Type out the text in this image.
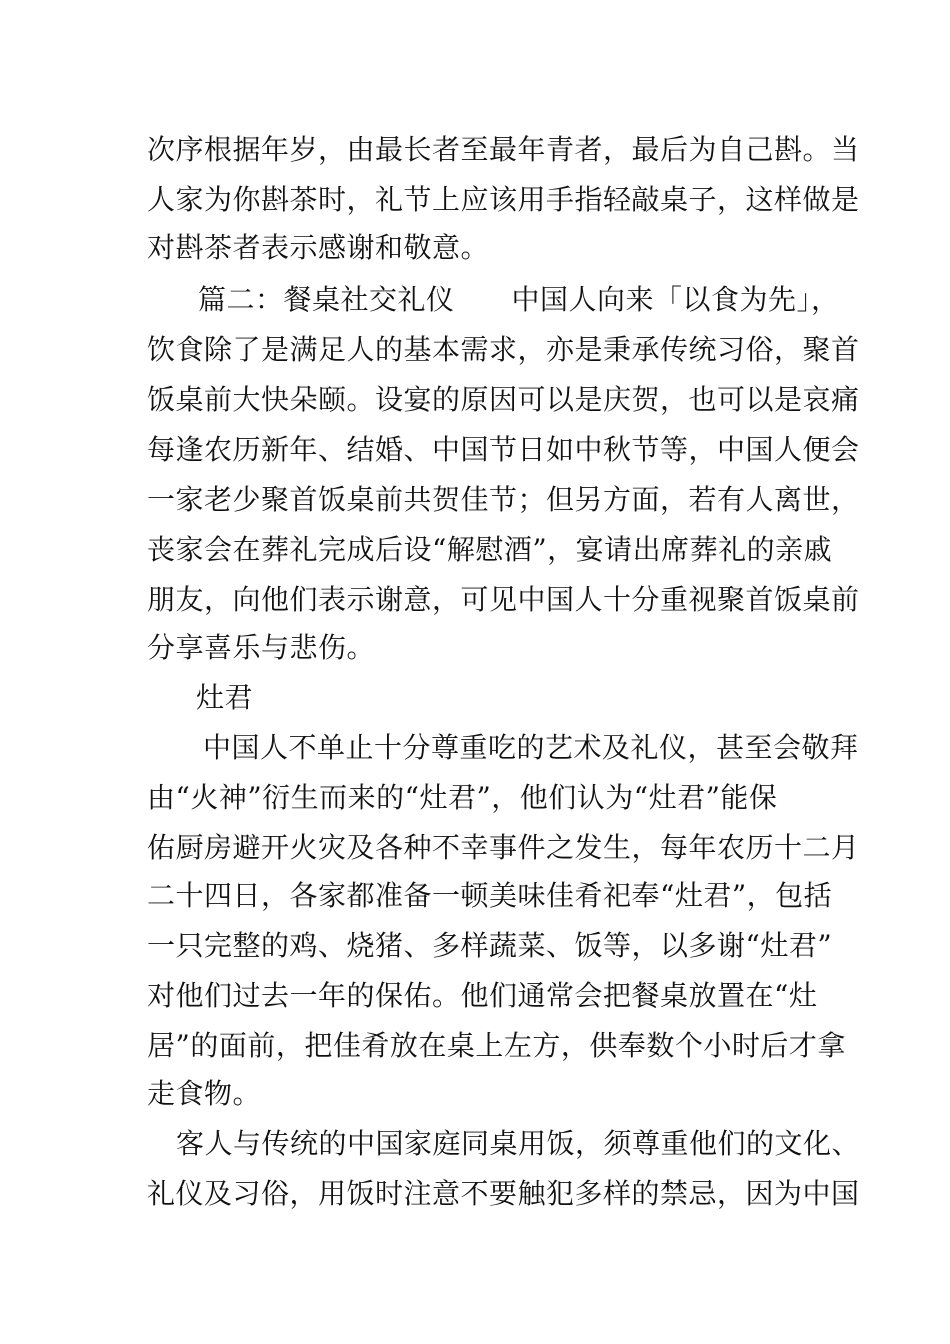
次序根据年岁，由最长者至最年青者，最后为自己斟。当
人家为你斟茶时，礼节上应该用手指轻敲桌子，这样做是
对斟茶者表示感谢和敬意。
篇二：餐桌社交礼仪　　中国人向来「以食为先」，
饮食除了是满足人的基本需求，亦是秉承传统习俗，聚首
饭桌前大快朵颐。设宴的原因可以是庆贺，也可以是哀痛
每逢农历新年、结婚、中国节日如中秋节等，中国人便会
一家老少聚首饭桌前共贺佳节；但另方面，若有人离世，
丧家会在葬礼完成后设“解慰酒”，宴请出席葬礼的亲戚
朋友，向他们表示谢意，可见中国人十分重视聚首饭桌前
分享喜乐与悲伤。
灶君
中国人不单止十分尊重吃的艺术及礼仪，甚至会敬拜
由“火神”衍生而来的“灶君”，他们认为“灶君”能保
佑厨房避开火灾及各种不幸事件之发生，每年农历十二月
二十四日，各家都准备一顿美味佳肴祀奉“灶君”，包括
一只完整的鸡、烧猪、多样蔬菜、饭等，以多谢“灶君”
对他们过去一年的保佑。他们通常会把餐桌放置在“灶
居”的面前，把佳肴放在桌上左方，供奉数个小时后才拿
走食物。
客人与传统的中国家庭同桌用饭，须尊重他们的文化、
礼仪及习俗，用饭时注意不要触犯多样的禁忌，因为中国
